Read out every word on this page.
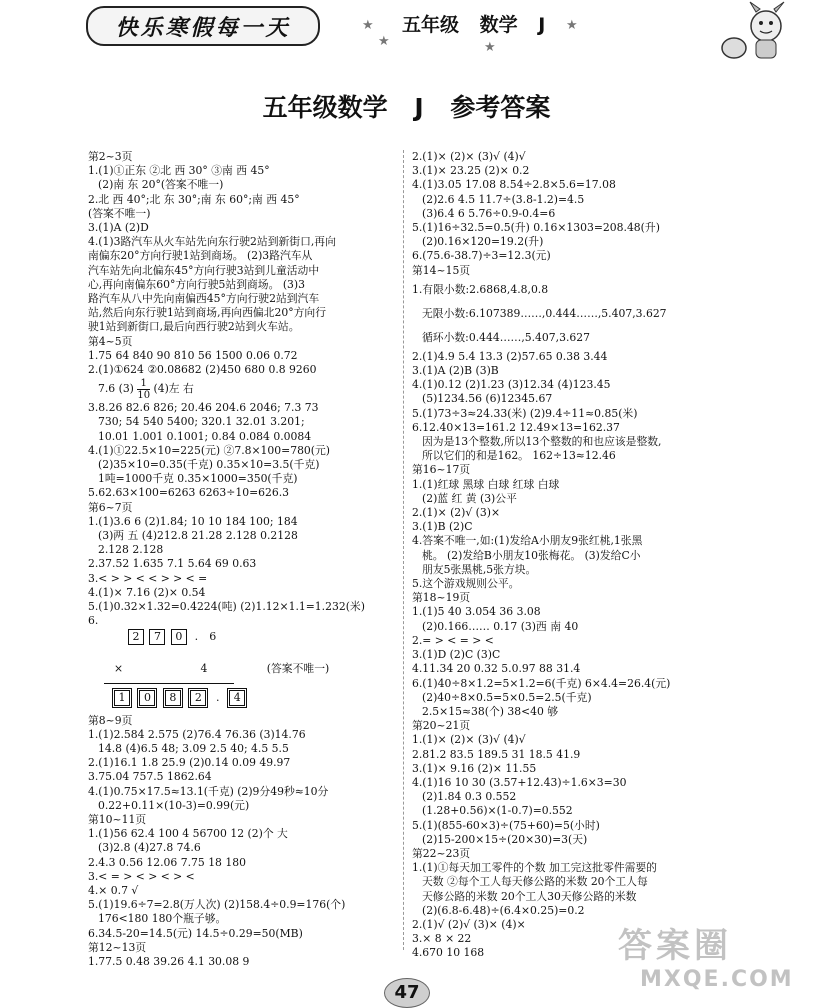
快乐寒假每一天	★
★
五年级 数学 J ★
★
五年级数学 J 参考答案
第2~3页
1.(1)①正东 ②北 西 30° ③南 西 45°
(2)南 东 20°(答案不唯一)
2.北 西 40°;北 东 30°;南 东 60°;南 西 45°
(答案不唯一)
3.(1)A (2)D
4.(1)3路汽车从火车站先向东行驶2站到新街口,再向
南偏东20°方向行驶1站到商场。 (2)3路汽车从
汽车站先向北偏东45°方向行驶3站到儿童活动中
心,再向南偏东60°方向行驶5站到商场。 (3)3
路汽车从八中先向南偏西45°方向行驶2站到汽车
站,然后向东行驶1站到商场,再向西偏北20°方向行
驶1站到新街口,最后向西行驶2站到火车站。
第4~5页
1.75 64 840 90 810 56 1500 0.06 0.72
2.(1)①624 ②0.08682 (2)450 680 0.8 9260
7.6 $(3) \frac{1}{10} (4)$左 右
3.8.26 82.6 826; 20.46 204.6 2046; 7.3 73
730; 54 540 5400; 320.1 32.01 3.201;
10.01 1.001 0.1001; 0.84 0.084 0.0084
4.(1)①22.5×10=225(元) ②7.8×100=780(元)
(2)35×10=0.35(千克) 0.35×10=3.5(千克)
1吨=1000千克 0.35×1000=350(千克)
5.62.63×100=6263 6263÷10=626.3
第6~7页
1.(1)3.6 6 (2)1.84; 10 10 184 100; 184
(3)两 五 (4)212.8 21.28 2.128 0.2128
2.128 2.128
2.37.52 1.635 7.1 5.64 69 0.63
3.< > > < < > > < =
4.(1)× 7.16 (2)× 0.54
5.(1)0.32×1.32=0.4224(吨) (2)1.12×1.1=1.232(米)
6.
2 7 0 . 6
×	4	(答案不唯一)
1 0 8 2 . 4
第8~9页
1.(1)2.584 2.575 (2)76.4 76.36 (3)14.76
14.8 (4)6.5 48; 3.09 2.5 40; 4.5 5.5
2.(1)16.1 1.8 25.9 (2)0.14 0.09 49.97
3.75.04 757.5 1862.64
4.(1)0.75×17.5≈13.1(千克) (2)9分49秒≈10分
0.22+0.11×(10-3)=0.99(元)
第10~11页
1.(1)56 62.4 100 4 56700 12 (2)个 大
(3)2.8 (4)27.8 74.6
2.4.3 0.56 12.06 7.75 18 180
3.< = > < > < > <
4.× 0.7 √
5.(1)19.6÷7=2.8(万人次) (2)158.4÷0.9=176(个)
176<180 180个瓶子够。
6.34.5-20=14.5(元) 14.5÷0.29=50(MB)
第12~13页
1.77.5 0.48 39.26 4.1 30.08 9
2.(1)× (2)× (3)√ (4)√
3.(1)× 23.25 (2)× 0.2
4.(1)3.05 17.08 8.54÷2.8×5.6=17.08
(2)2.6 4.5 11.7÷(3.8-1.2)=4.5
(3)6.4 6 5.76÷0.9-0.4=6
5.(1)16÷32.5=0.5(升) 0.16×1303=208.48(升)
(2)0.16×120=19.2(升)
6.(75.6-38.7)÷3=12.3(元)
第14~15页
1.有限小数:2.6868,4.8,0.8
无限小数:6.107389……,0.444……,5.407,3.627
循环小数:0.444……,5.407,3.627
2.(1)4.9 5.4 13.3 (2)57.65 0.38 3.44
3.(1)A (2)B (3)B
4.(1)0.12 (2)1.23 (3)12.34 (4)123.45
(5)1234.56 (6)12345.67
5.(1)73÷3≈24.33(米) (2)9.4÷11≈0.85(米)
6.12.40×13=161.2 12.49×13=162.37
因为是13个整数,所以13个整数的和也应该是整数,
所以它们的和是162。 162÷13≈12.46
第16~17页
1.(1)红球 黑球 白球 红球 白球
(2)蓝 红 黄 (3)公平
2.(1)× (2)√ (3)×
3.(1)B (2)C
4.答案不唯一,如:(1)发给A小朋友9张红桃,1张黑
桃。 (2)发给B小朋友10张梅花。 (3)发给C小
朋友5张黑桃,5张方块。
5.这个游戏规则公平。
第18~19页
1.(1)5 40 3.054 36 3.08
(2)0.166…… 0.17 (3)西 南 40
2.= > < = > <
3.(1)D (2)C (3)C
4.11.34 20 0.32 5.0.97 88 31.4
6.(1)40÷8×1.2=5×1.2=6(千克) 6×4.4=26.4(元)
(2)40÷8×0.5=5×0.5=2.5(千克)
2.5×15≈38(个) 38<40 够
第20~21页
1.(1)× (2)× (3)√ (4)√
2.81.2 83.5 189.5 31 18.5 41.9
3.(1)× 9.16 (2)× 11.55
4.(1)16 10 30 (3.57+12.43)÷1.6×3=30
(2)1.84 0.3 0.552
(1.28+0.56)×(1-0.7)=0.552
5.(1)(855-60×3)÷(75+60)=5(小时)
(2)15-200×15÷(20×30)=3(天)
第22~23页
1.(1)①每天加工零件的个数 加工完这批零件需要的
天数 ②每个工人每天修公路的米数 20个工人每
天修公路的米数 20个工人30天修公路的米数
(2)(6.8-6.48)÷(6.4×0.25)=0.2
2.(1)√ (2)√ (3)× (4)×
3.× 8 × 22
4.670 10 168	答案圈
MXQE.COM
47
